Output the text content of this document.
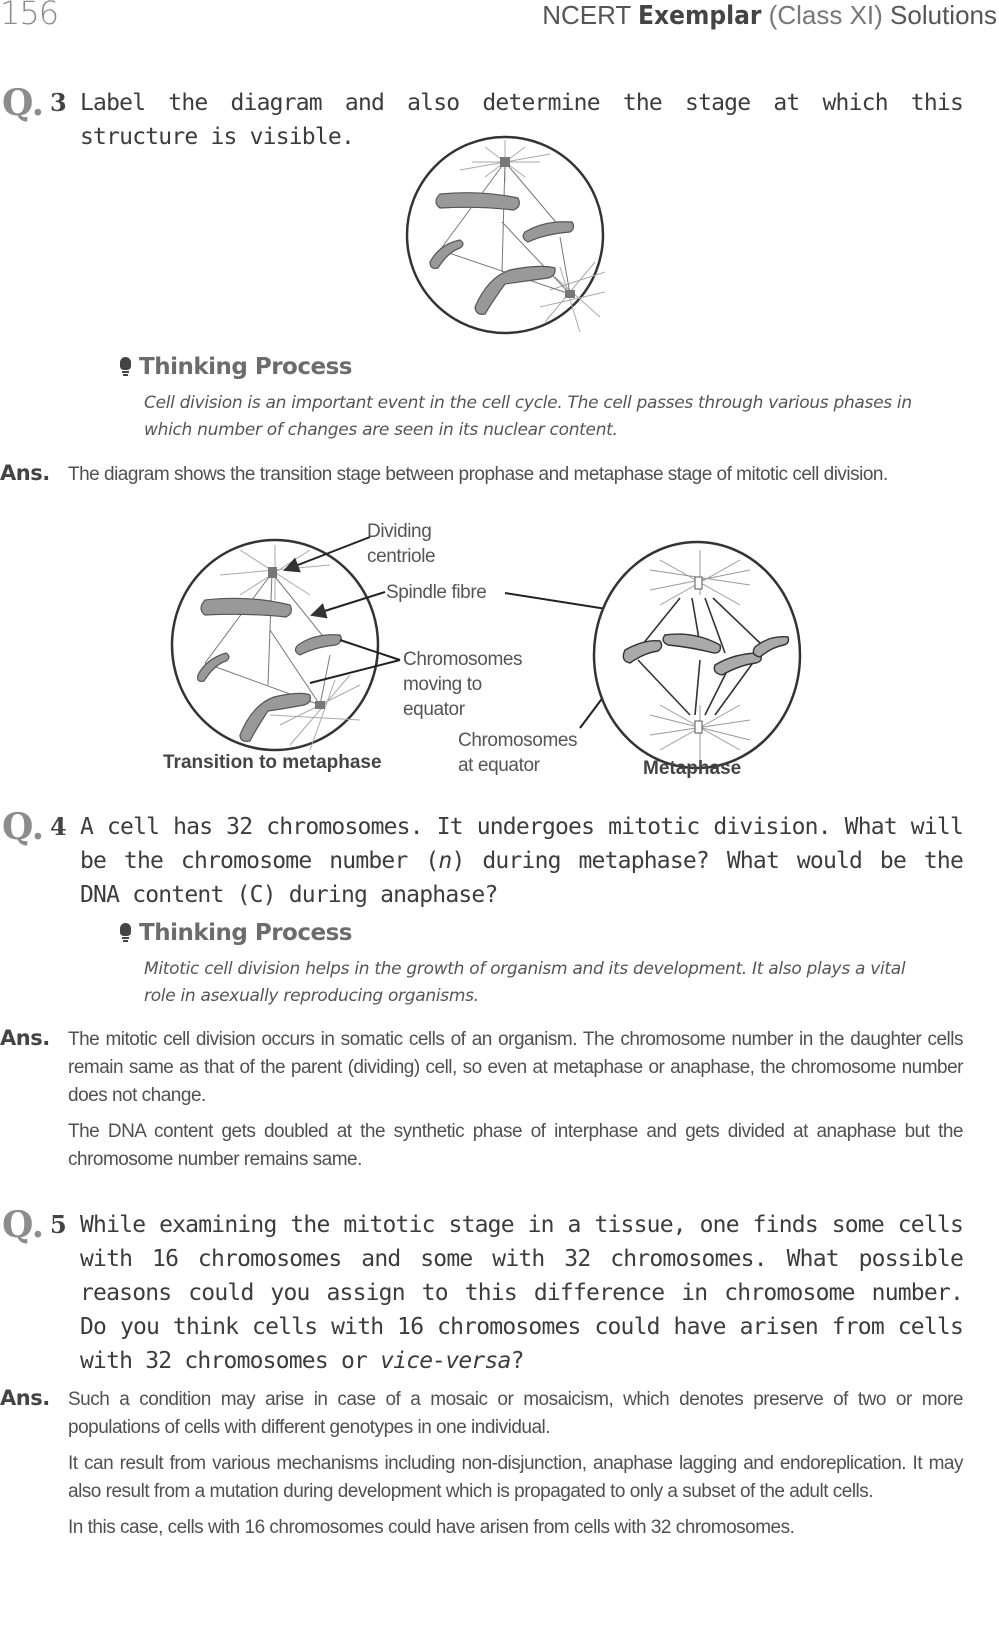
156	NCERT Exemplar (Class XI) Solutions
Q. 3 Label the diagram and also determine the stage at which this structure is visible.
Thinking Process
Cell division is an important event in the cell cycle. The cell passes through various phases in which number of changes are seen in its nuclear content.
Ans. The diagram shows the transition stage between prophase and metaphase stage of mitotic cell division.

Dividing
centriole
Spindle fibre
Chromosomes
moving to
equator
Chromosomes
at equator
Transition to metaphase	Metaphase
Q. 4 A cell has 32 chromosomes. It undergoes mitotic division. What will be the chromosome number (n) during metaphase? What would be the DNA content (C) during anaphase?
Thinking Process
Mitotic cell division helps in the growth of organism and its development. It also plays a vital role in asexually reproducing organisms.
Ans. The mitotic cell division occurs in somatic cells of an organism. The chromosome number in the daughter cells remain same as that of the parent (dividing) cell, so even at metaphase or anaphase, the chromosome number does not change.

The DNA content gets doubled at the synthetic phase of interphase and gets divided at anaphase but the chromosome number remains same.

Q. 5 While examining the mitotic stage in a tissue, one finds some cells with 16 chromosomes and some with 32 chromosomes. What possible reasons could you assign to this difference in chromosome number. Do you think cells with 16 chromosomes could have arisen from cells with 32 chromosomes or vice-versa?
Ans. Such a condition may arise in case of a mosaic or mosaicism, which denotes preserve of two or more populations of cells with different genotypes in one individual.

It can result from various mechanisms including non-disjunction, anaphase lagging and endoreplication. It may also result from a mutation during development which is propagated to only a subset of the adult cells.

In this case, cells with 16 chromosomes could have arisen from cells with 32 chromosomes.
